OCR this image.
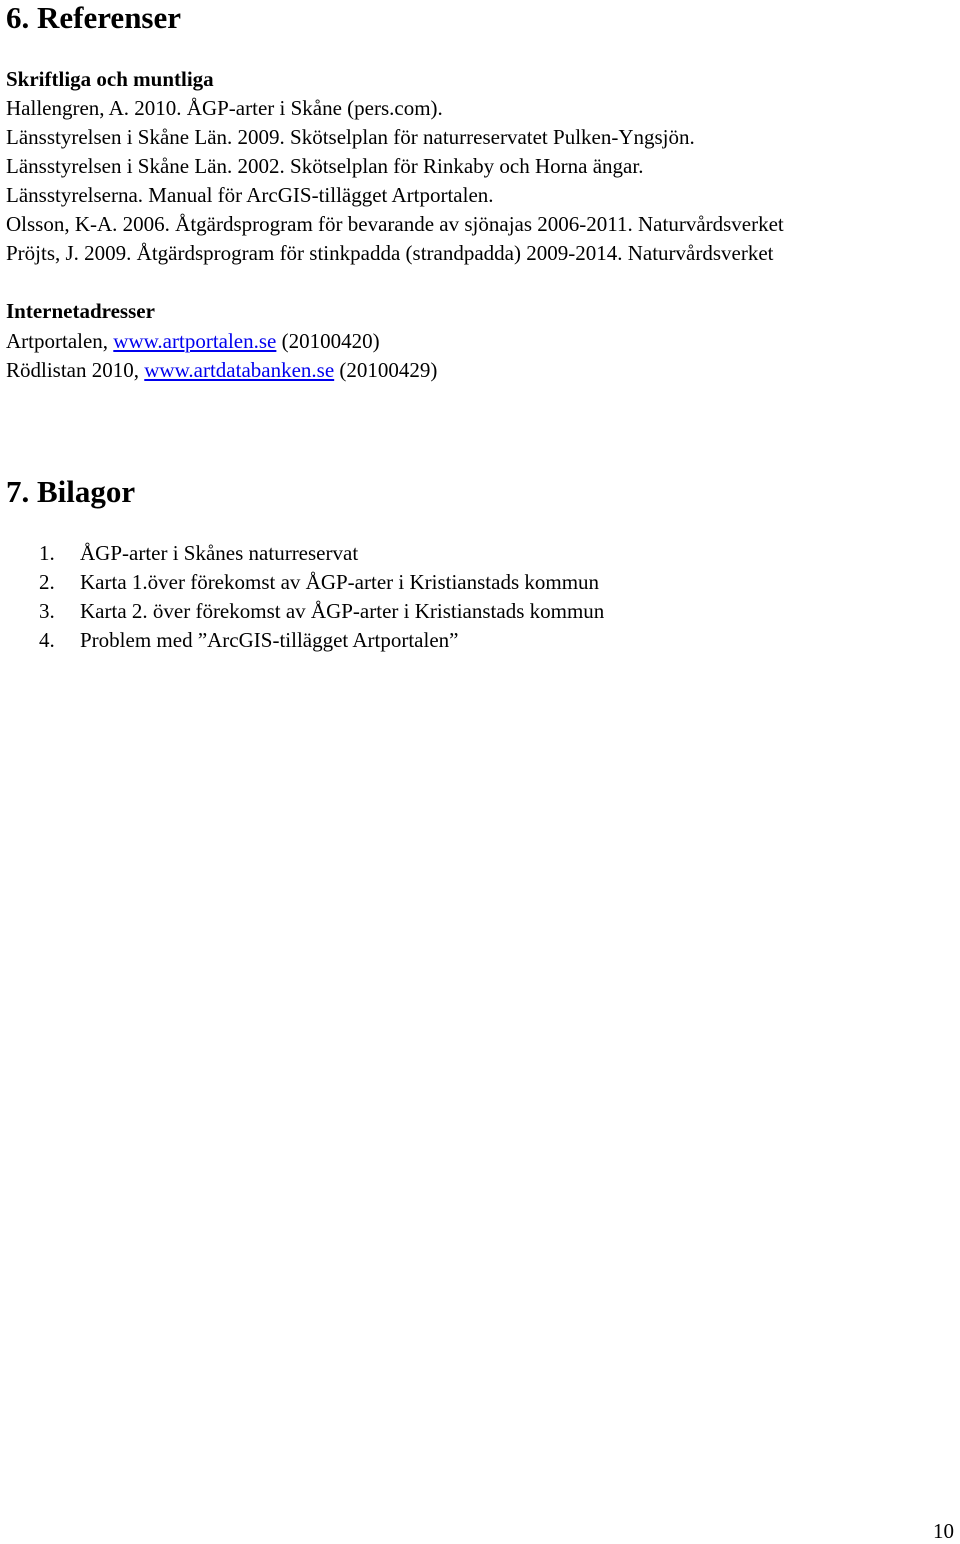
6. Referenser
Skriftliga och muntliga
Hallengren, A. 2010. ÅGP-arter i Skåne (pers.com).
Länsstyrelsen i Skåne Län. 2009. Skötselplan för naturreservatet Pulken-Yngsjön.
Länsstyrelsen i Skåne Län. 2002. Skötselplan för Rinkaby och Horna ängar.
Länsstyrelserna. Manual för ArcGIS-tillägget Artportalen.
Olsson, K-A. 2006. Åtgärdsprogram för bevarande av sjönajas 2006-2011. Naturvårdsverket
Pröjts, J. 2009. Åtgärdsprogram för stinkpadda (strandpadda) 2009-2014. Naturvårdsverket
Internetadresser
Artportalen, www.artportalen.se (20100420)
Rödlistan 2010, www.artdatabanken.se (20100429)
7. Bilagor
1. ÅGP-arter i Skånes naturreservat
2. Karta 1.över förekomst av ÅGP-arter i Kristianstads kommun
3. Karta 2. över förekomst av ÅGP-arter i Kristianstads kommun
4. Problem med ”ArcGIS-tillägget Artportalen”
10
